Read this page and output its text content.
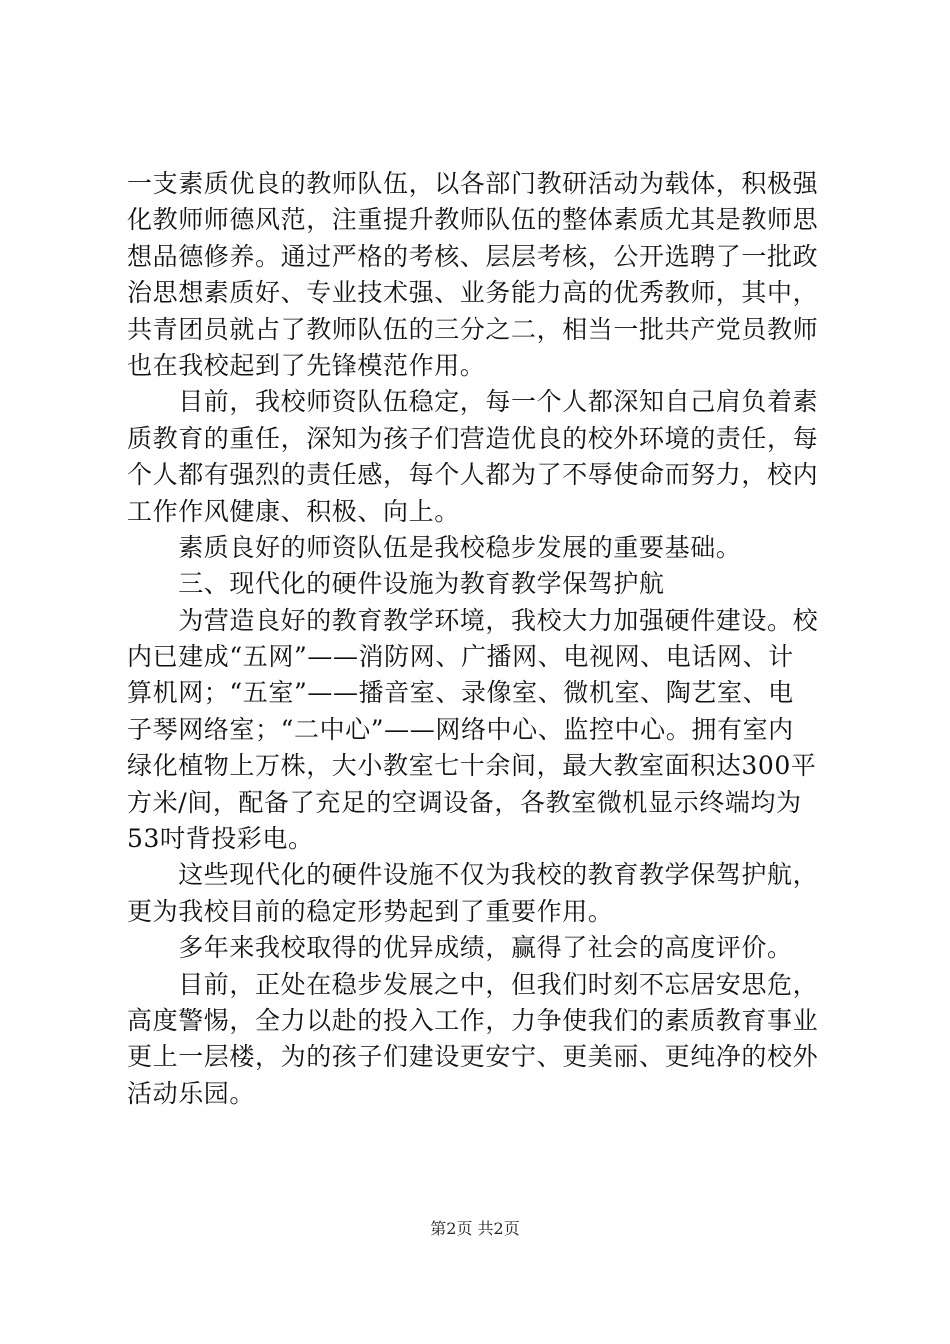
一支素质优良的教师队伍，以各部门教研活动为载体，积极强
化教师师德风范，注重提升教师队伍的整体素质尤其是教师思
想品德修养。通过严格的考核、层层考核，公开选聘了一批政
治思想素质好、专业技术强、业务能力高的优秀教师，其中，
共青团员就占了教师队伍的三分之二，相当一批共产党员教师
也在我校起到了先锋模范作用。
　　目前，我校师资队伍稳定，每一个人都深知自己肩负着素
质教育的重任，深知为孩子们营造优良的校外环境的责任，每
个人都有强烈的责任感，每个人都为了不辱使命而努力，校内
工作作风健康、积极、向上。
　　素质良好的师资队伍是我校稳步发展的重要基础。
　　三、现代化的硬件设施为教育教学保驾护航
　　为营造良好的教育教学环境，我校大力加强硬件建设。校
内已建成“五网”——消防网、广播网、电视网、电话网、计
算机网；“五室”——播音室、录像室、微机室、陶艺室、电
子琴网络室；“二中心”——网络中心、监控中心。拥有室内
绿化植物上万株，大小教室七十余间，最大教室面积达300平
方米/间，配备了充足的空调设备，各教室微机显示终端均为
53吋背投彩电。
　　这些现代化的硬件设施不仅为我校的教育教学保驾护航，
更为我校目前的稳定形势起到了重要作用。
　　多年来我校取得的优异成绩，赢得了社会的高度评价。
　　目前，正处在稳步发展之中，但我们时刻不忘居安思危，
高度警惕，全力以赴的投入工作，力争使我们的素质教育事业
更上一层楼，为的孩子们建设更安宁、更美丽、更纯净的校外
活动乐园。
第2页 共2页
